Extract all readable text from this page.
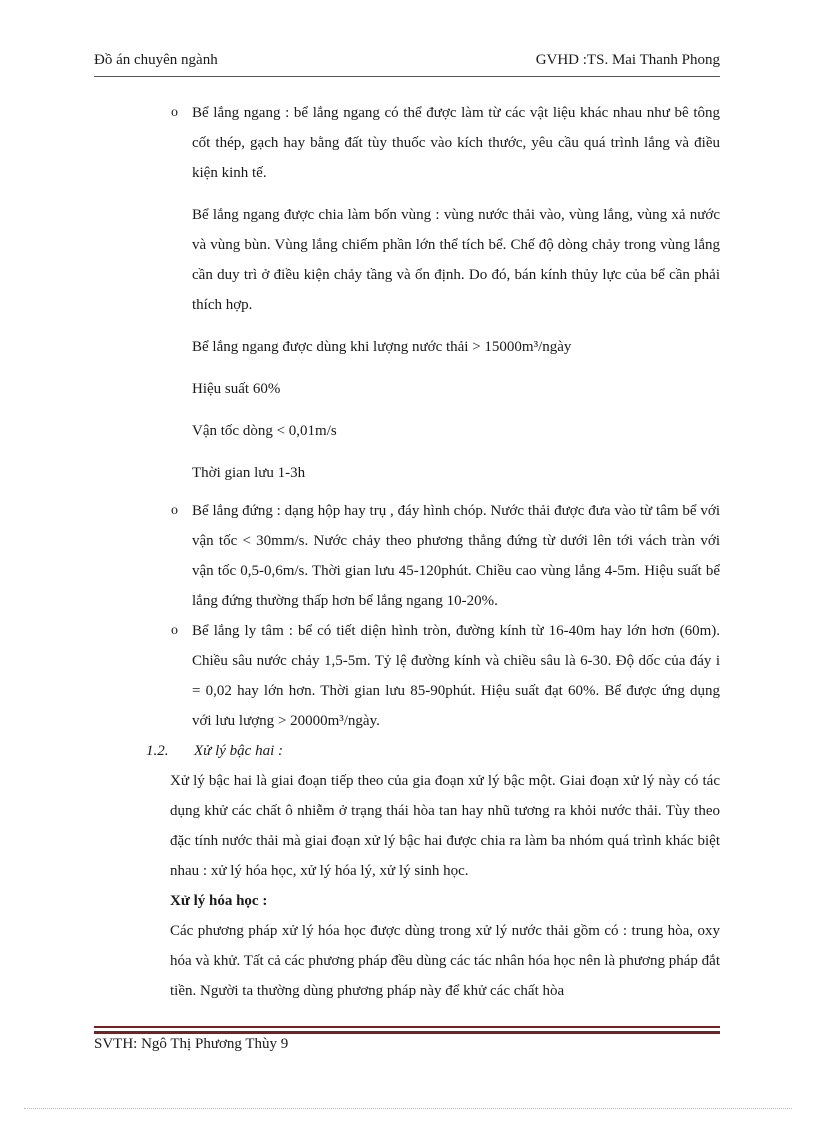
Đồ án chuyên ngành	GVHD :TS. Mai Thanh Phong
o Bể lắng ngang : bể lắng ngang có thể được làm từ các vật liệu khác nhau như bê tông cốt thép, gạch hay bằng đất tùy thuốc vào kích thước, yêu cầu quá trình lắng và điều kiện kinh tế.

Bể lắng ngang được chia làm bốn vùng : vùng nước thải vào, vùng lắng, vùng xả nước và vùng bùn. Vùng lắng chiếm phần lớn thể tích bể. Chế độ dòng chảy trong vùng lắng cần duy trì ở điều kiện chảy tầng và ổn định. Do đó, bán kính thủy lực của bể cần phải thích hợp.

Bể lắng ngang được dùng khi lượng nước thải > 15000m³/ngày

Hiệu suất 60%

Vận tốc dòng < 0,01m/s

Thời gian lưu 1-3h

o Bể lắng đứng : dạng hộp hay trụ , đáy hình chóp. Nước thải được đưa vào từ tâm bể với vận tốc < 30mm/s. Nước chảy theo phương thẳng đứng từ dưới lên tới vách tràn với vận tốc 0,5-0,6m/s. Thời gian lưu 45-120phút. Chiều cao vùng lắng 4-5m. Hiệu suất bể lắng đứng thường thấp hơn bể lắng ngang 10-20%.

o Bể lắng ly tâm : bể có tiết diện hình tròn, đường kính từ 16-40m hay lớn hơn (60m). Chiều sâu nước chảy 1,5-5m. Tỷ lệ đường kính và chiều sâu là 6-30. Độ dốc của đáy i = 0,02 hay lớn hơn. Thời gian lưu 85-90phút. Hiệu suất đạt 60%. Bể được ứng dụng với lưu lượng > 20000m³/ngày.

1.2. Xử lý bậc hai :

Xử lý bậc hai là giai đoạn tiếp theo của gia đoạn xử lý bậc một. Giai đoạn xử lý này có tác dụng khử các chất ô nhiễm ở trạng thái hòa tan hay nhũ tương ra khỏi nước thải. Tùy theo đặc tính nước thải mà giai đoạn xử lý bậc hai được chia ra làm ba nhóm quá trình khác biệt nhau : xử lý hóa học, xử lý hóa lý, xử lý sinh học.

Xử lý hóa học :

Các phương pháp xử lý hóa học được dùng trong xử lý nước thải gồm có : trung hòa, oxy hóa và khử. Tất cả các phương pháp đều dùng các tác nhân hóa học nên là phương pháp đắt tiền. Người ta thường dùng phương pháp này để khử các chất hòa

SVTH: Ngô Thị Phương Thùy 9
